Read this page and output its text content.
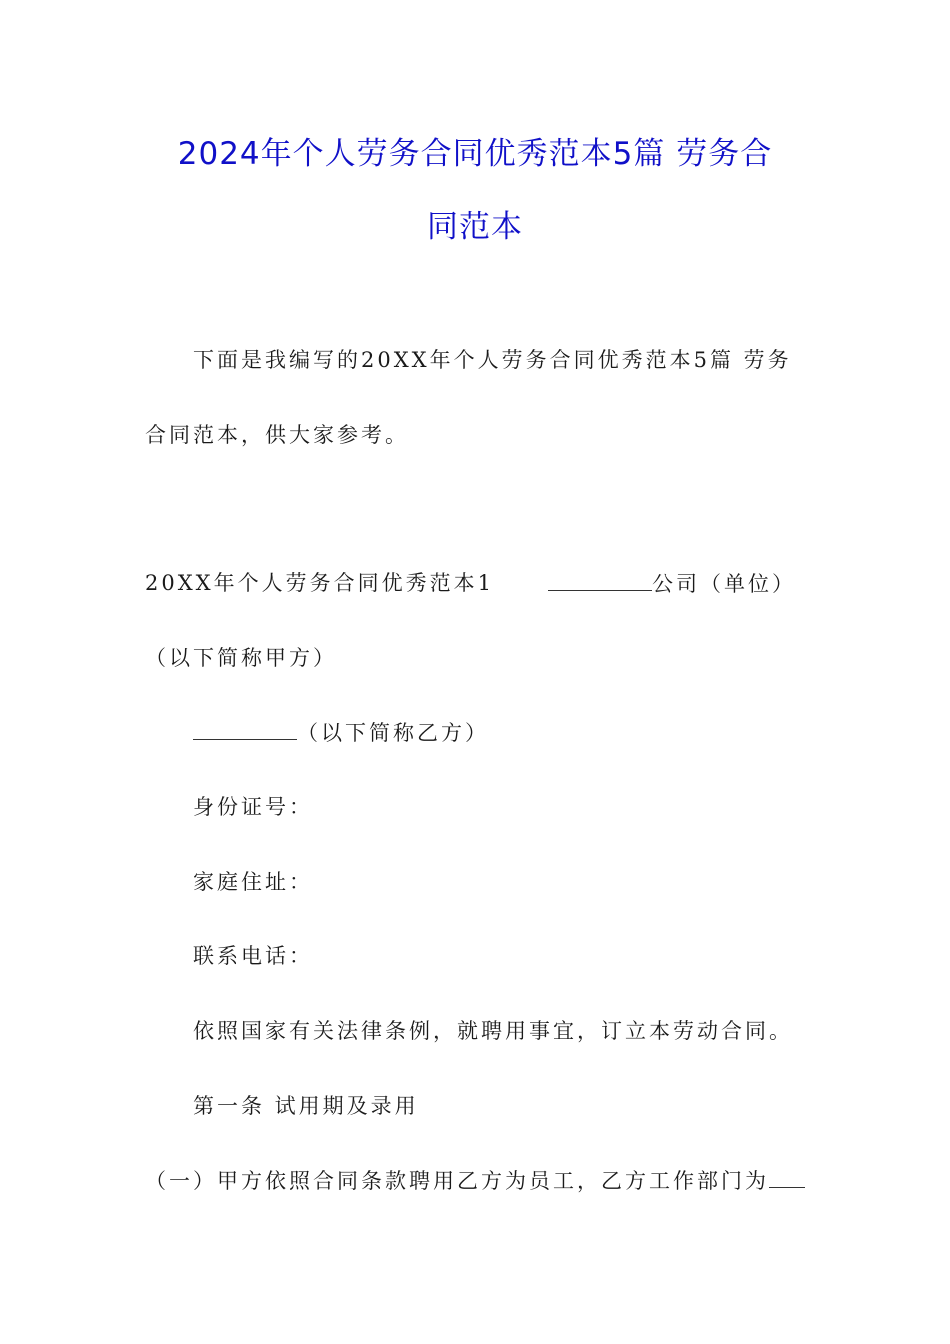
2024年个人劳务合同优秀范本5篇 劳务合
同范本
下面是我编写的20XX年个人劳务合同优秀范本5篇 劳务
合同范本，供大家参考。
20XX年个人劳务合同优秀范本1	公司（单位）
（以下简称甲方）
（以下简称乙方）
身份证号：
家庭住址：
联系电话：
依照国家有关法律条例，就聘用事宜，订立本劳动合同。
第一条 试用期及录用
（一）甲方依照合同条款聘用乙方为员工，乙方工作部门为
